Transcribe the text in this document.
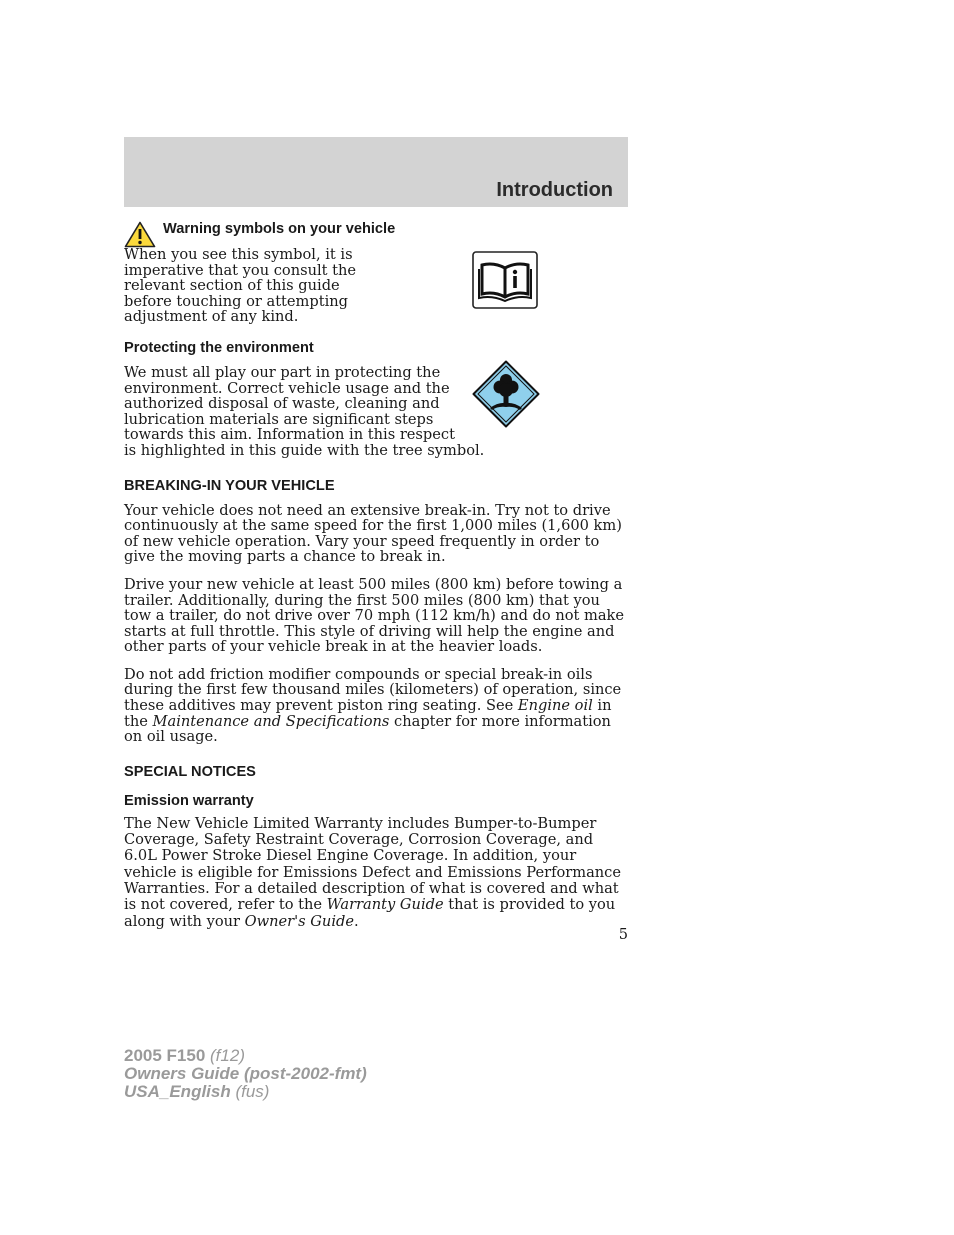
Introduction
Warning symbols on your vehicle

When you see this symbol, it is imperative that you consult the relevant section of this guide before touching or attempting adjustment of any kind.

Protecting the environment

We must all play our part in protecting the environment. Correct vehicle usage and the authorized disposal of waste, cleaning and lubrication materials are significant steps towards this aim. Information in this respect is highlighted in this guide with the tree symbol.

BREAKING-IN YOUR VEHICLE

Your vehicle does not need an extensive break-in. Try not to drive continuously at the same speed for the first 1,000 miles (1,600 km) of new vehicle operation. Vary your speed frequently in order to give the moving parts a chance to break in.

Drive your new vehicle at least 500 miles (800 km) before towing a trailer. Additionally, during the first 500 miles (800 km) that you tow a trailer, do not drive over 70 mph (112 km/h) and do not make starts at full throttle. This style of driving will help the engine and other parts of your vehicle break in at the heavier loads.

Do not add friction modifier compounds or special break-in oils during the first few thousand miles (kilometers) of operation, since these additives may prevent piston ring seating. See Engine oil in the Maintenance and Specifications chapter for more information on oil usage.

SPECIAL NOTICES
Emission warranty

The New Vehicle Limited Warranty includes Bumper-to-Bumper Coverage, Safety Restraint Coverage, Corrosion Coverage, and 6.0L Power Stroke Diesel Engine Coverage. In addition, your vehicle is eligible for Emissions Defect and Emissions Performance Warranties. For a detailed description of what is covered and what is not covered, refer to the Warranty Guide that is provided to you along with your Owner's Guide.

5
2005 F150 (f12)
Owners Guide (post-2002-fmt)
USA_English (fus)
